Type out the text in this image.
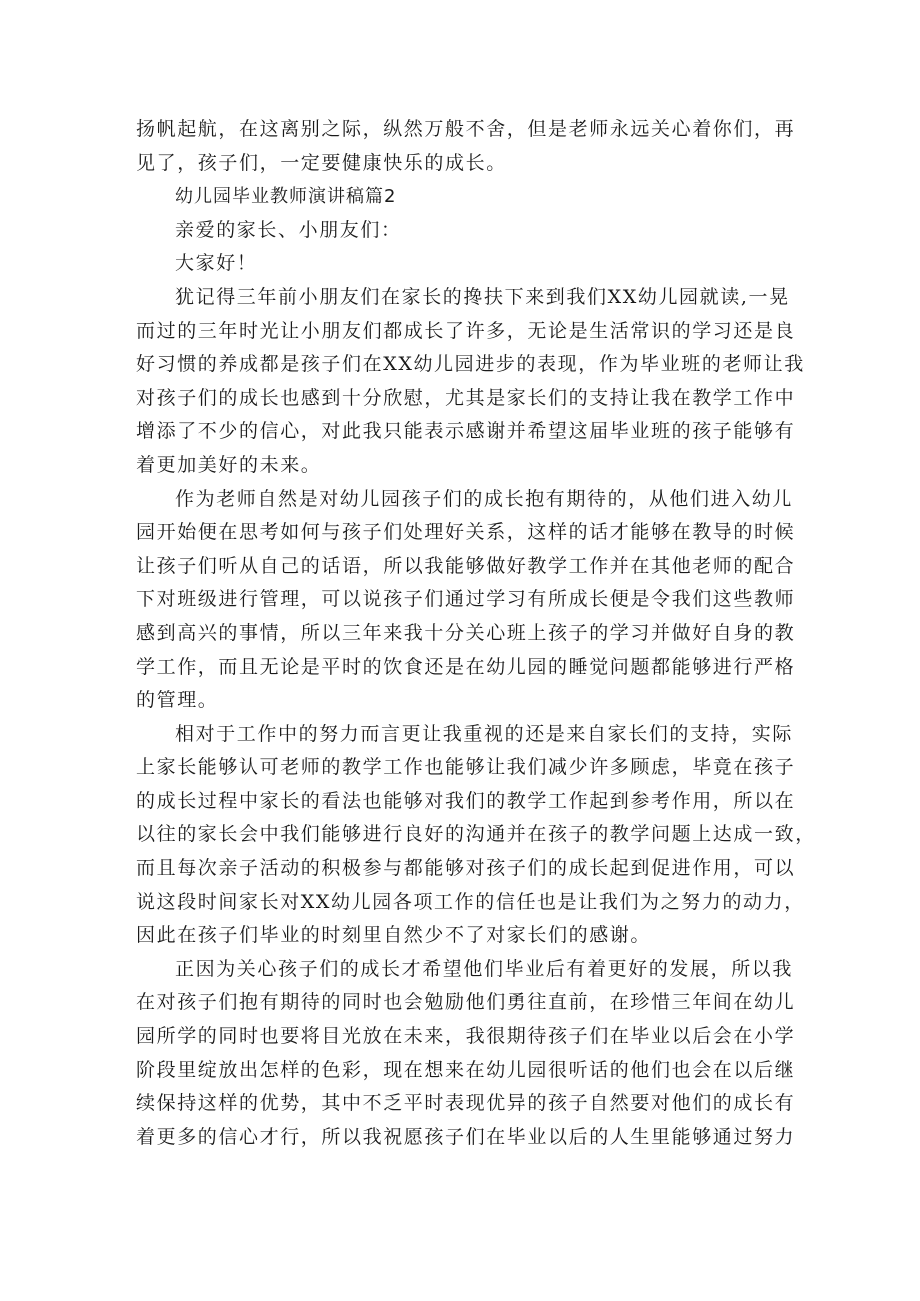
扬帆起航，在这离别之际，纵然万般不舍，但是老师永远关心着你们，再
见了，孩子们，一定要健康快乐的成长。
幼儿园毕业教师演讲稿篇2
亲爱的家长、小朋友们：
大家好！
犹记得三年前小朋友们在家长的搀扶下来到我们XX幼儿园就读,一晃
而过的三年时光让小朋友们都成长了许多，无论是生活常识的学习还是良
好习惯的养成都是孩子们在XX幼儿园进步的表现，作为毕业班的老师让我
对孩子们的成长也感到十分欣慰，尤其是家长们的支持让我在教学工作中
增添了不少的信心，对此我只能表示感谢并希望这届毕业班的孩子能够有
着更加美好的未来。
作为老师自然是对幼儿园孩子们的成长抱有期待的，从他们进入幼儿
园开始便在思考如何与孩子们处理好关系，这样的话才能够在教导的时候
让孩子们听从自己的话语，所以我能够做好教学工作并在其他老师的配合
下对班级进行管理，可以说孩子们通过学习有所成长便是令我们这些教师
感到高兴的事情，所以三年来我十分关心班上孩子的学习并做好自身的教
学工作，而且无论是平时的饮食还是在幼儿园的睡觉问题都能够进行严格
的管理。
相对于工作中的努力而言更让我重视的还是来自家长们的支持，实际
上家长能够认可老师的教学工作也能够让我们减少许多顾虑，毕竟在孩子
的成长过程中家长的看法也能够对我们的教学工作起到参考作用，所以在
以往的家长会中我们能够进行良好的沟通并在孩子的教学问题上达成一致，
而且每次亲子活动的积极参与都能够对孩子们的成长起到促进作用，可以
说这段时间家长对XX幼儿园各项工作的信任也是让我们为之努力的动力，
因此在孩子们毕业的时刻里自然少不了对家长们的感谢。
正因为关心孩子们的成长才希望他们毕业后有着更好的发展，所以我
在对孩子们抱有期待的同时也会勉励他们勇往直前，在珍惜三年间在幼儿
园所学的同时也要将目光放在未来，我很期待孩子们在毕业以后会在小学
阶段里绽放出怎样的色彩，现在想来在幼儿园很听话的他们也会在以后继
续保持这样的优势，其中不乏平时表现优异的孩子自然要对他们的成长有
着更多的信心才行，所以我祝愿孩子们在毕业以后的人生里能够通过努力
